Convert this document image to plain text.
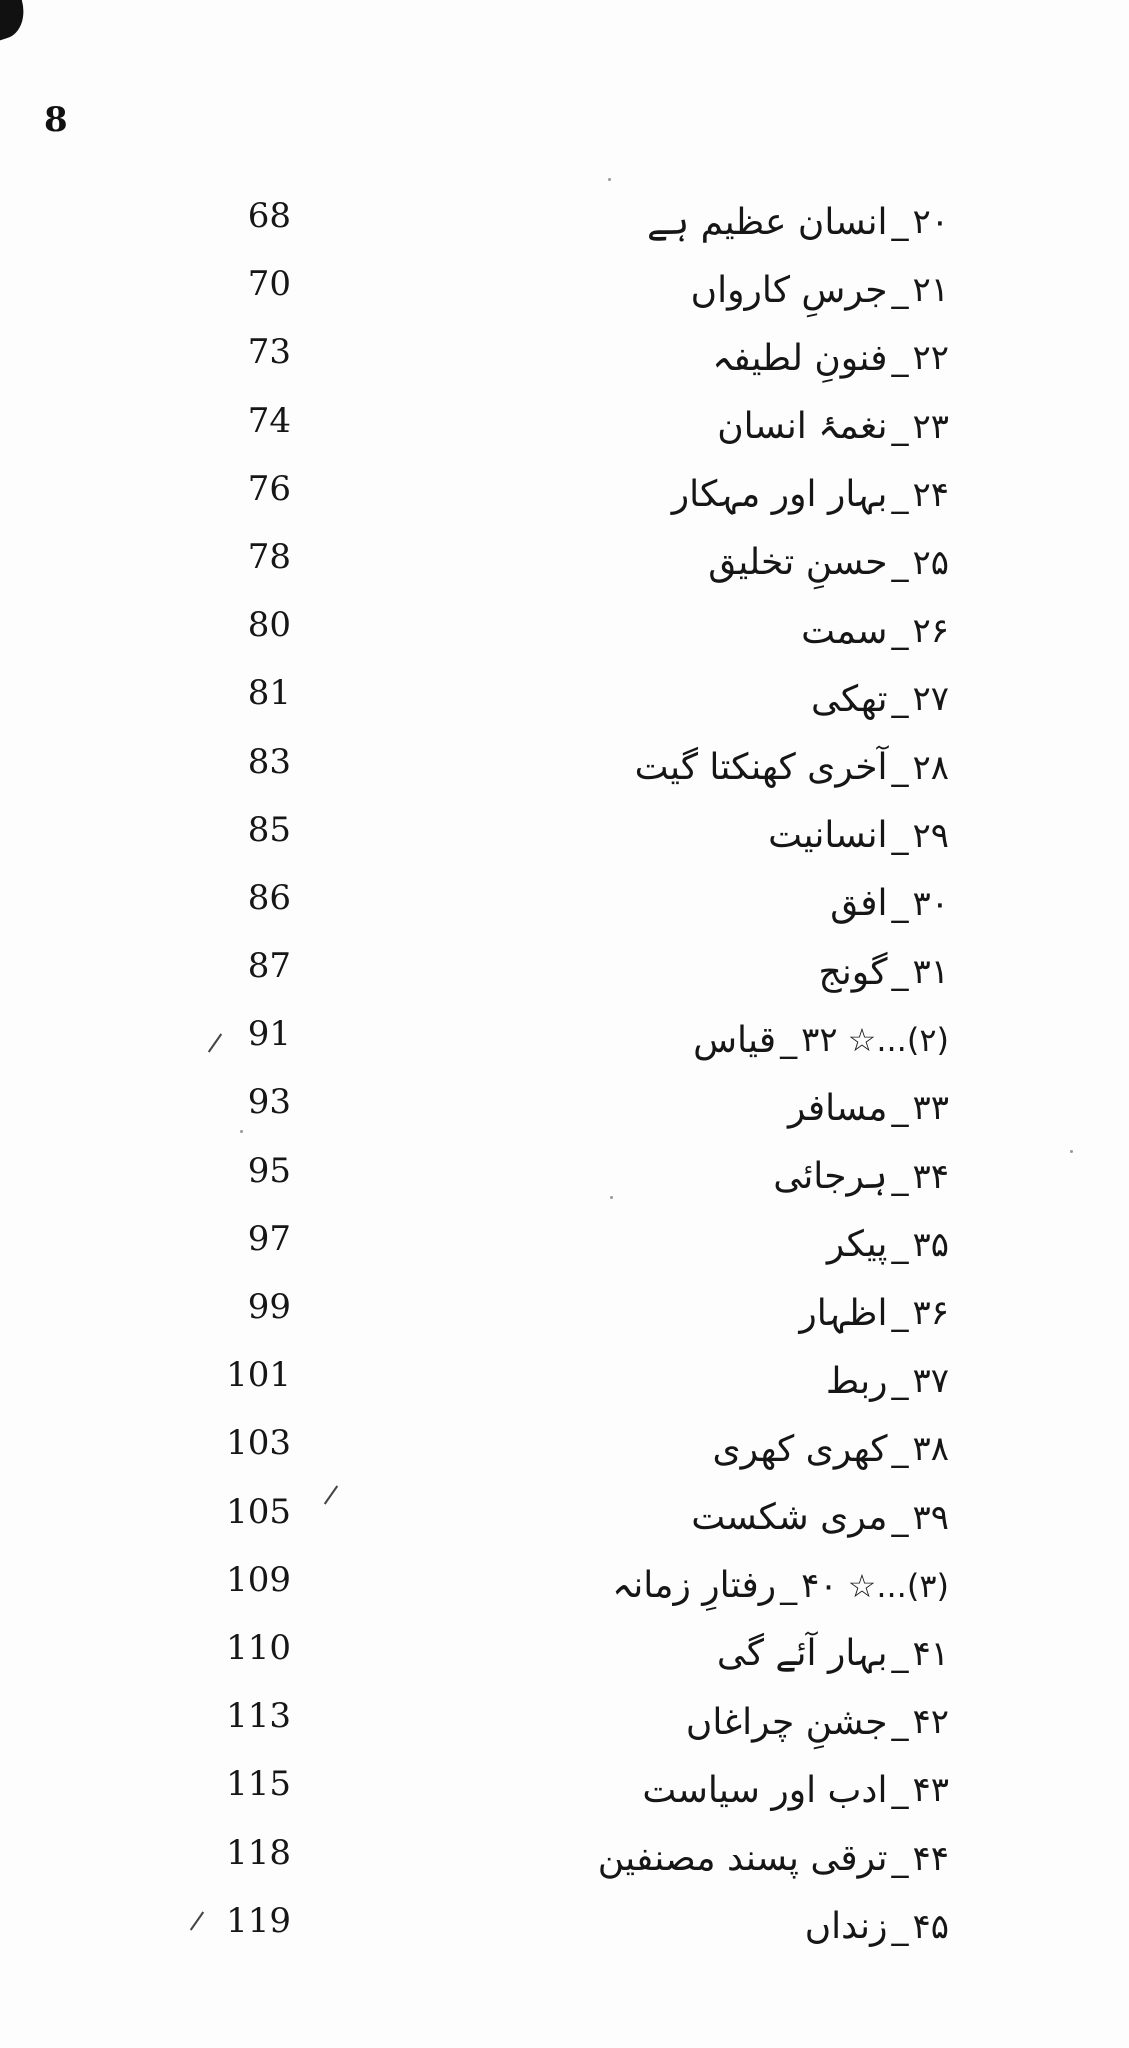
8
68	۲۰
_
انسان عظیم ہے
70	۲۱
_
جرسِ کارواں
73	۲۲
_
فنونِ لطیفہ
74	۲۳
_
نغمۂ انسان
76	۲۴
_
بہار اور مہکار
78	۲۵
_
حسنِ تخلیق
80	۲۶
_
سمت
81	۲۷
_
تھکی
83	۲۸
_
آخری کھنکتا گیت
85	۲۹
_
انسانیت
86	۳۰
_
افق
87	۳۱
_
گونج
91	☆...(۲)
۳۲
_
قیاس
93	۳۳
_
مسافر
95	۳۴
_
ہرجائی
97	۳۵
_
پیکر
99	۳۶
_
اظہار
101	۳۷
_
ربط
103	۳۸
_
کھری کھری
105	۳۹
_
مری شکست
109	☆...(۳)
۴۰
_
رفتارِ زمانہ
110	۴۱
_
بہار آئے گی
113	۴۲
_
جشنِ چراغاں
115	۴۳
_
ادب اور سیاست
118	۴۴
_
ترقی پسند مصنفین
119	۴۵
_
زنداں
